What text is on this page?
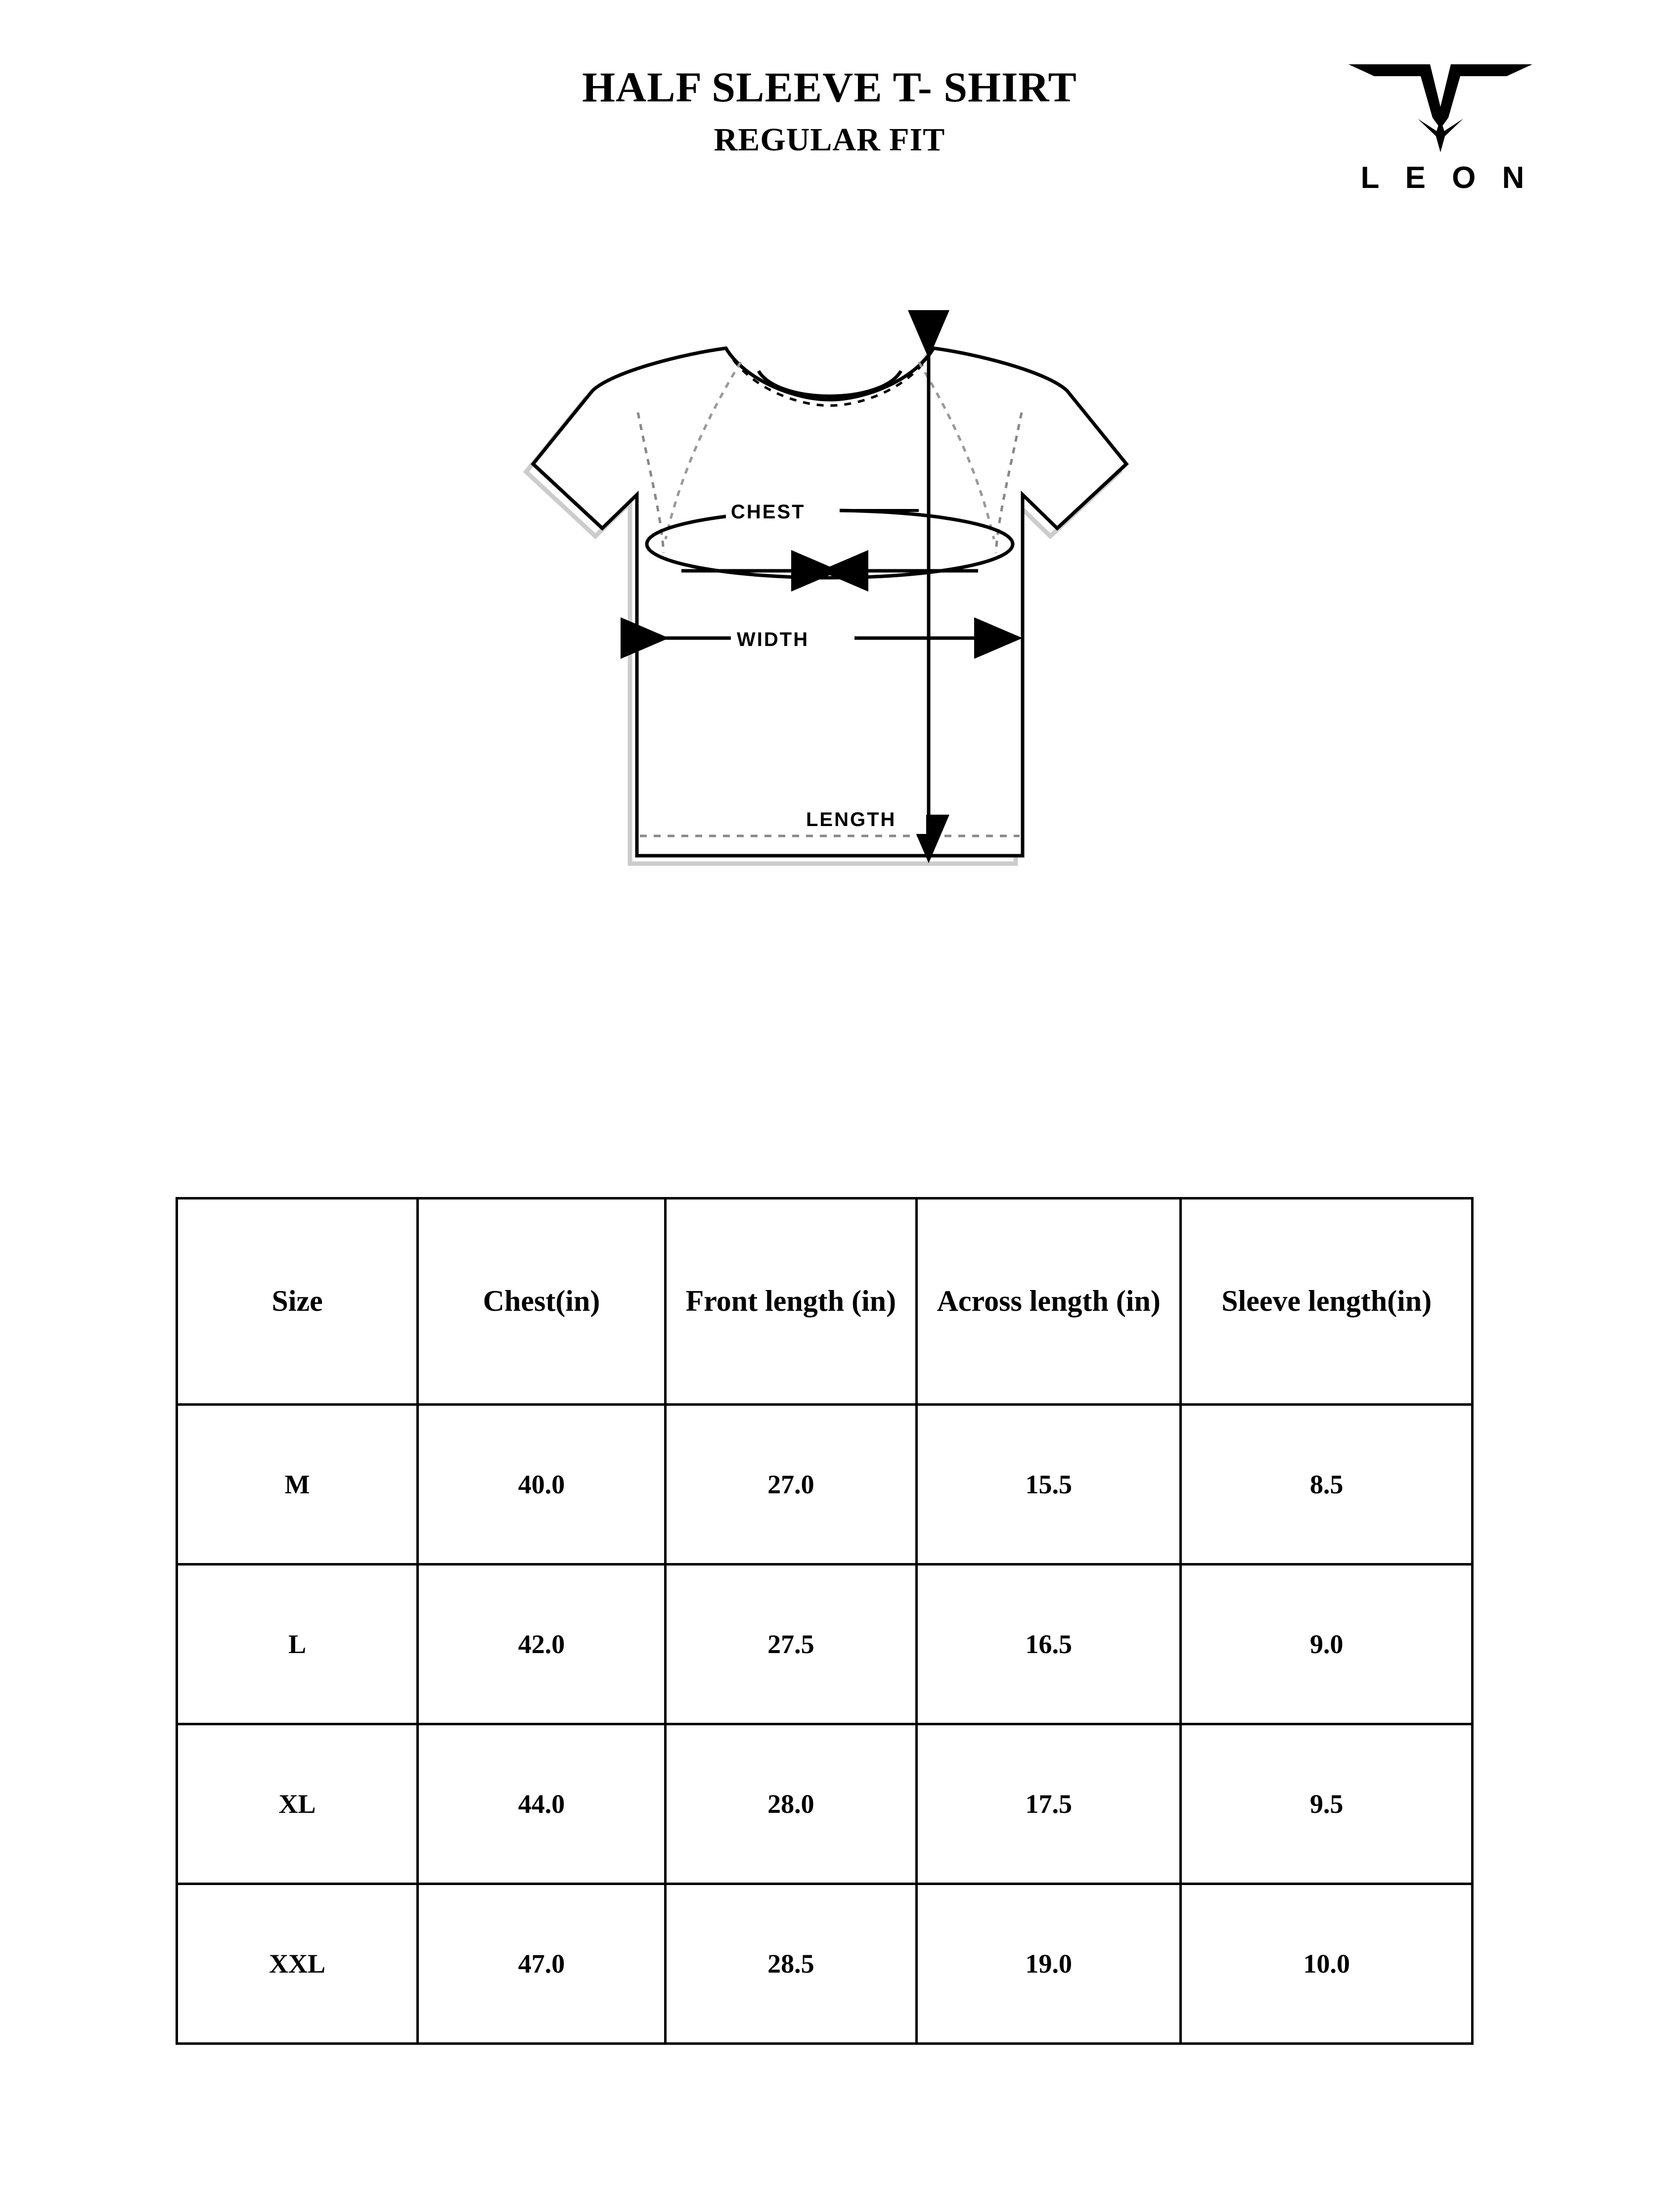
HALF SLEEVE T- SHIRT
REGULAR FIT
L E O N
CHEST
WIDTH
LENGTH
Size	Chest(in)	Front length (in)	Across length (in)	Sleeve length(in)
M	40.0	27.0	15.5	8.5
L	42.0	27.5	16.5	9.0
XL	44.0	28.0	17.5	9.5
XXL	47.0	28.5	19.0	10.0
